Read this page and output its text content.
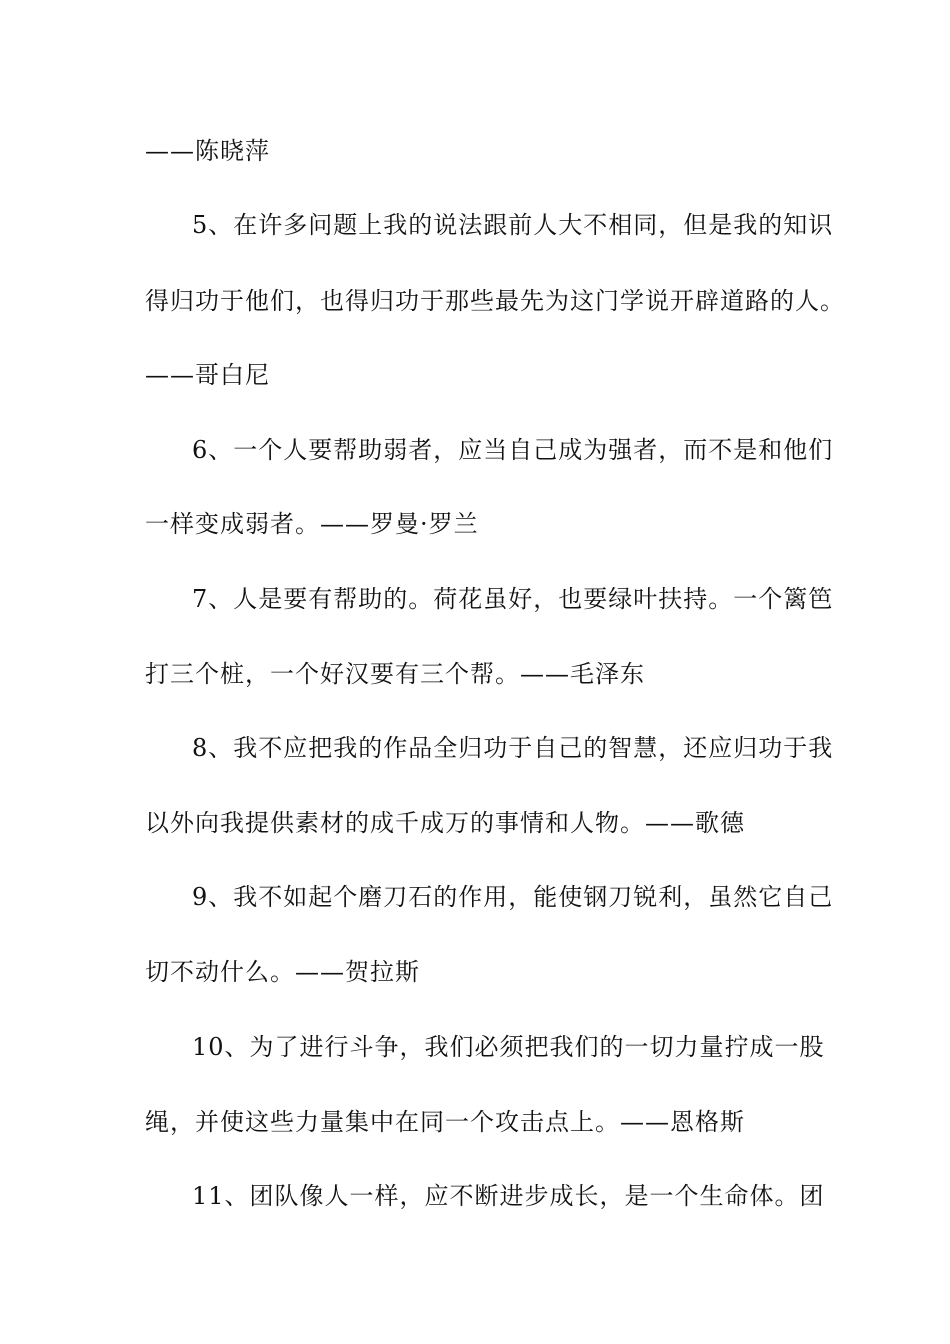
——陈晓萍
5、在许多问题上我的说法跟前人大不相同，但是我的知识
得归功于他们，也得归功于那些最先为这门学说开辟道路的人。
——哥白尼
6、一个人要帮助弱者，应当自己成为强者，而不是和他们
一样变成弱者。——罗曼·罗兰
7、人是要有帮助的。荷花虽好，也要绿叶扶持。一个篱笆
打三个桩，一个好汉要有三个帮。——毛泽东
8、我不应把我的作品全归功于自己的智慧，还应归功于我
以外向我提供素材的成千成万的事情和人物。——歌德
9、我不如起个磨刀石的作用，能使钢刀锐利，虽然它自己
切不动什么。——贺拉斯
10、为了进行斗争，我们必须把我们的一切力量拧成一股
绳，并使这些力量集中在同一个攻击点上。——恩格斯
11、团队像人一样，应不断进步成长，是一个生命体。团
